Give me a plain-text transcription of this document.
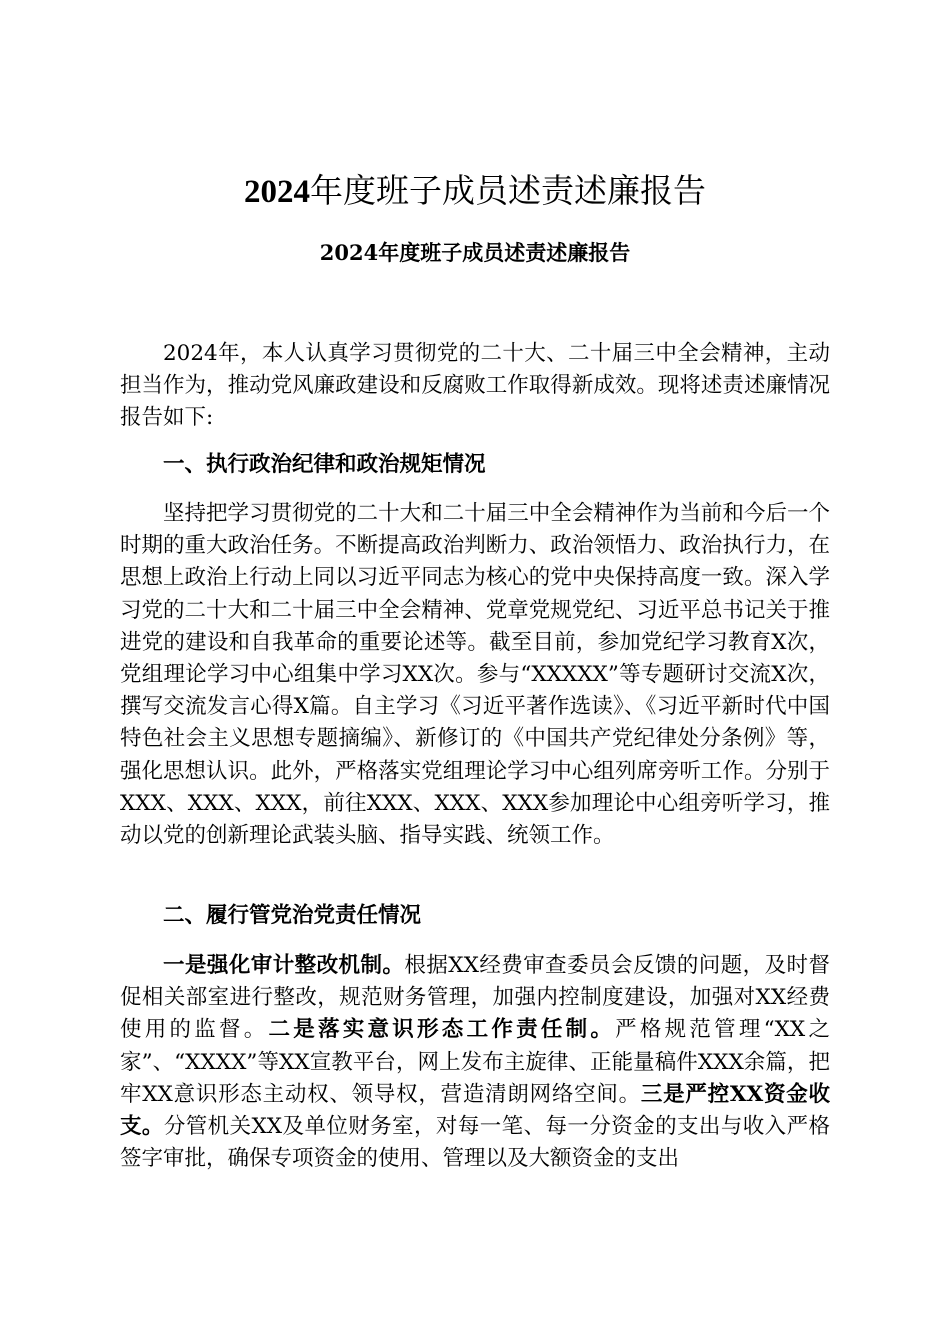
2024年度班子成员述责述廉报告
2024年度班子成员述责述廉报告

2024年，本人认真学习贯彻党的二十大、二十届三中全会精神，主动担当作为，推动党风廉政建设和反腐败工作取得新成效。现将述责述廉情况报告如下:

一、执行政治纪律和政治规矩情况

坚持把学习贯彻党的二十大和二十届三中全会精神作为当前和今后一个时期的重大政治任务。不断提高政治判断力、政治领悟力、政治执行力，在思想上政治上行动上同以习近平同志为核心的党中央保持高度一致。深入学习党的二十大和二十届三中全会精神、党章党规党纪、习近平总书记关于推进党的建设和自我革命的重要论述等。截至目前，参加党纪学习教育X次，党组理论学习中心组集中学习XX次。参与“XXXXX”等专题研讨交流X次，撰写交流发言心得X篇。自主学习《习近平著作选读》、《习近平新时代中国特色社会主义思想专题摘编》、新修订的《中国共产党纪律处分条例》等，强化思想认识。此外，严格落实党组理论学习中心组列席旁听工作。分别于XXX、XXX、XXX，前往XXX、XXX、XXX参加理论中心组旁听学习，推动以党的创新理论武装头脑、指导实践、统领工作。

二、履行管党治党责任情况

一是强化审计整改机制。根据XX经费审查委员会反馈的问题，及时督促相关部室进行整改，规范财务管理，加强内控制度建设，加强对XX经费使用的监督。二是落实意识形态工作责任制。严格规范管理“XX之家”、“XXXX”等XX宣教平台，网上发布主旋律、正能量稿件XXX余篇，把牢XX意识形态主动权、领导权，营造清朗网络空间。三是严控XX资金收支。分管机关XX及单位财务室，对每一笔、每一分资金的支出与收入严格签字审批，确保专项资金的使用、管理以及大额资金的支出
